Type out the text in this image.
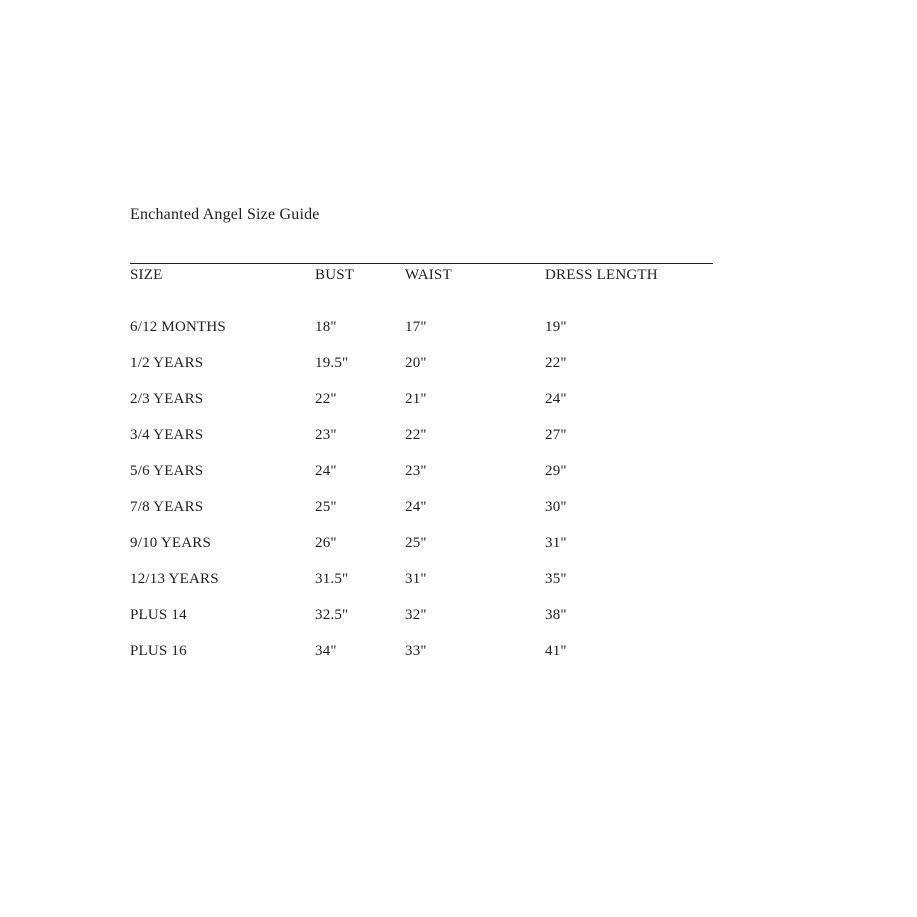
Enchanted Angel Size Guide
SIZE	BUST	WAIST	DRESS LENGTH
6/12 MONTHS	18"	17"	19"
1/2 YEARS	19.5"	20"	22"
2/3 YEARS	22"	21"	24"
3/4 YEARS	23"	22"	27"
5/6 YEARS	24"	23"	29"
7/8 YEARS	25"	24"	30"
9/10 YEARS	26"	25"	31"
12/13 YEARS	31.5"	31"	35"
PLUS 14	32.5"	32"	38"
PLUS 16	34"	33"	41"
